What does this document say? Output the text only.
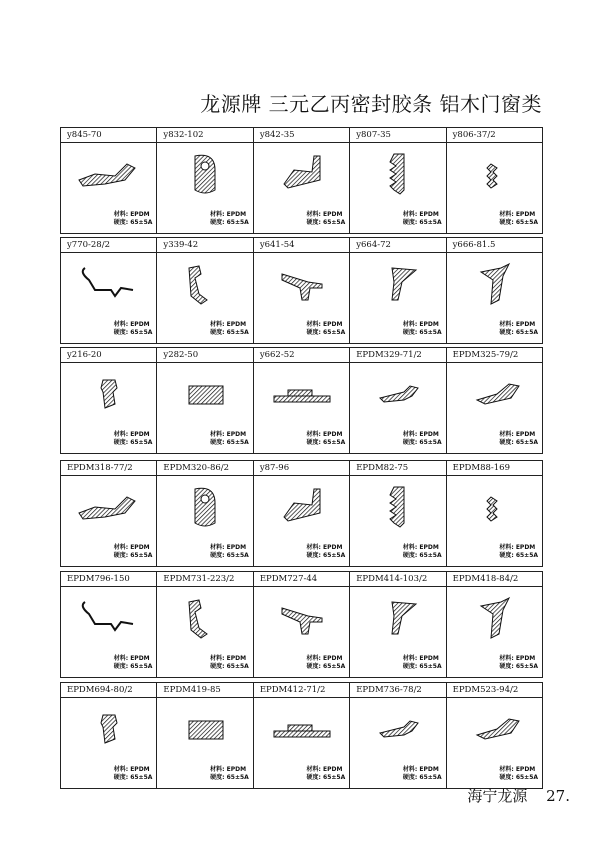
龙源牌 三元乙丙密封胶条 铝木门窗类
y845-70
材料: EPDM
硬度: 65±5A
y832-102
材料: EPDM
硬度: 65±5A
y842-35
材料: EPDM
硬度: 65±5A
y807-35
材料: EPDM
硬度: 65±5A
y806-37/2
材料: EPDM
硬度: 65±5A
y770-28/2
材料: EPDM
硬度: 65±5A
y339-42
材料: EPDM
硬度: 65±5A
y641-54
材料: EPDM
硬度: 65±5A
y664-72
材料: EPDM
硬度: 65±5A
y666-81.5
材料: EPDM
硬度: 65±5A
y216-20
材料: EPDM
硬度: 65±5A
y282-50
材料: EPDM
硬度: 65±5A
y662-52
材料: EPDM
硬度: 65±5A
EPDM329-71/2
材料: EPDM
硬度: 65±5A
EPDM325-79/2
材料: EPDM
硬度: 65±5A
EPDM318-77/2
材料: EPDM
硬度: 65±5A
EPDM320-86/2
材料: EPDM
硬度: 65±5A
y87-96
材料: EPDM
硬度: 65±5A
EPDM82-75
材料: EPDM
硬度: 65±5A
EPDM88-169
材料: EPDM
硬度: 65±5A
EPDM796-150
材料: EPDM
硬度: 65±5A
EPDM731-223/2
材料: EPDM
硬度: 65±5A
EPDM727-44
材料: EPDM
硬度: 65±5A
EPDM414-103/2
材料: EPDM
硬度: 65±5A
EPDM418-84/2
材料: EPDM
硬度: 65±5A
EPDM694-80/2
材料: EPDM
硬度: 65±5A
EPDM419-85
材料: EPDM
硬度: 65±5A
EPDM412-71/2
材料: EPDM
硬度: 65±5A
EPDM736-78/2
材料: EPDM
硬度: 65±5A
EPDM523-94/2
材料: EPDM
硬度: 65±5A
海宁龙源 27.
